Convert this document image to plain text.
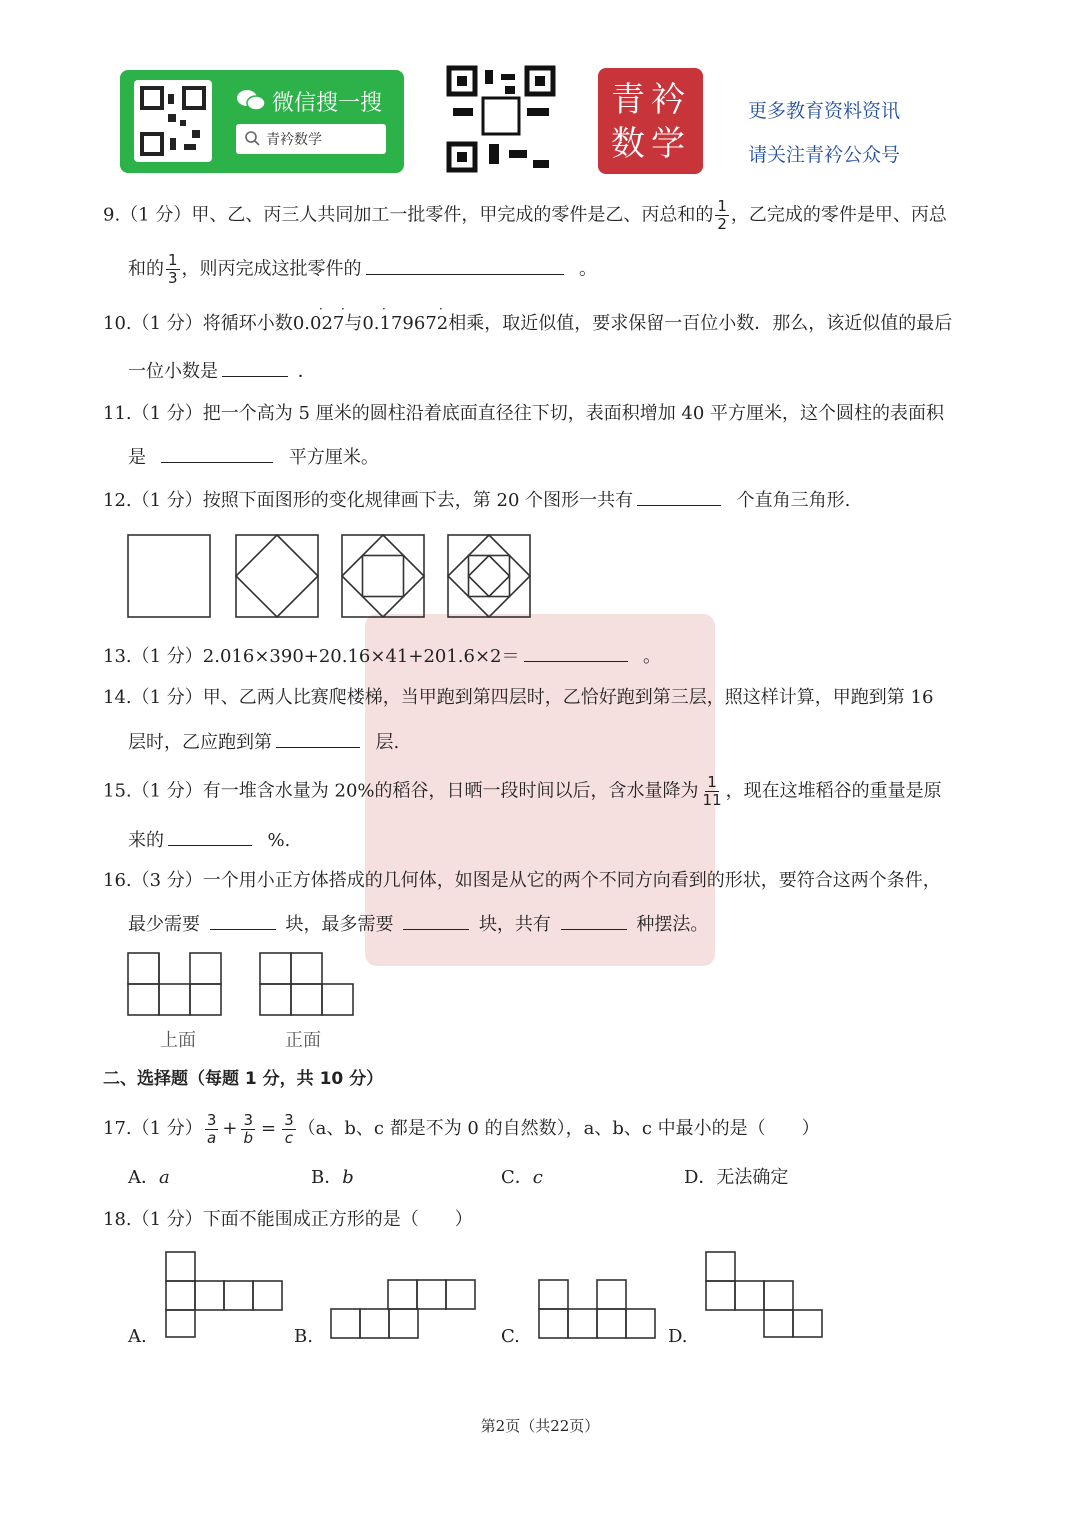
微信搜一搜
青衿数学
青衿数学
更多教育资料资讯
请关注青衿公众号
9.（1 分）甲、乙、丙三人共同加工一批零件，甲完成的零件是乙、丙总和的 $\frac{1}{2}$ ，乙完成的零件是甲、丙总
和的 $\frac{1}{3}$ ，则丙完成这批零件的	。
10.（1 分）将循环小数0.027与0.179672相乘，取近似值，要求保留一百位小数．那么，该近似值的最后
· ·	·	·
一位小数是	．
11.（1 分）把一个高为 5 厘米的圆柱沿着底面直径往下切，表面积增加 40 平方厘米，这个圆柱的表面积
是	平方厘米。
12.（1 分）按照下面图形的变化规律画下去，第 20 个图形一共有	个直角三角形.
13.（1 分）2.016×390+20.16×41+201.6×2＝	。
14.（1 分）甲、乙两人比赛爬楼梯，当甲跑到第四层时，乙恰好跑到第三层，照这样计算，甲跑到第 16
层时，乙应跑到第	层.
15.（1 分）有一堆含水量为 20%的稻谷，日晒一段时间以后，含水量降为 $\frac{1}{11}$ ，现在这堆稻谷的重量是原
来的	%.
16.（3 分）一个用小正方体搭成的几何体，如图是从它的两个不同方向看到的形状，要符合这两个条件，
最少需要	块，最多需要	块，共有	种摆法。
上面	正面
二、选择题（每题 1 分，共 10 分）
17.（1 分） $\frac{3}{a} + \frac{3}{b} = \frac{3}{c} (a$、b、c 都是不为 0 的自然数），a、b、c 中最小的是（　　）
A．a	B．b	C．c	D．无法确定
18.（1 分）下面不能围成正方形的是（　　）
A.	B.	C.	D.
第2页（共22页）
